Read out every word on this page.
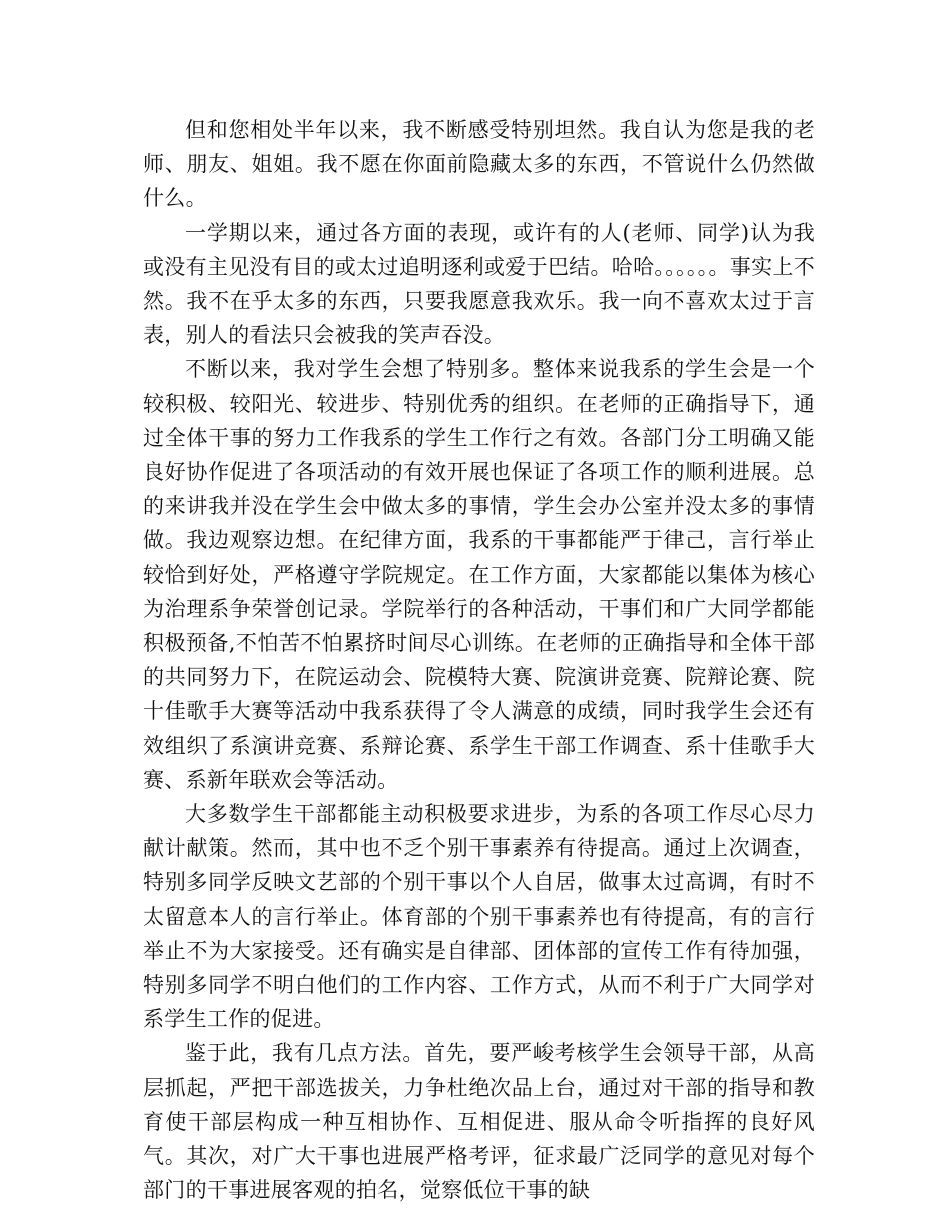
但和您相处半年以来，我不断感受特别坦然。我自认为您是我的老师、朋友、姐姐。我不愿在你面前隐藏太多的东西，不管说什么仍然做什么。

一学期以来，通过各方面的表现，或许有的人(老师、同学)认为我或没有主见没有目的或太过追明逐利或爱于巴结。哈哈。。。。。。事实上不然。我不在乎太多的东西，只要我愿意我欢乐。我一向不喜欢太过于言表，别人的看法只会被我的笑声吞没。

不断以来，我对学生会想了特别多。整体来说我系的学生会是一个较积极、较阳光、较进步、特别优秀的组织。在老师的正确指导下，通过全体干事的努力工作我系的学生工作行之有效。各部门分工明确又能良好协作促进了各项活动的有效开展也保证了各项工作的顺利进展。总的来讲我并没在学生会中做太多的事情，学生会办公室并没太多的事情做。我边观察边想。在纪律方面，我系的干事都能严于律己，言行举止较恰到好处，严格遵守学院规定。在工作方面，大家都能以集体为核心为治理系争荣誉创记录。学院举行的各种活动，干事们和广大同学都能积极预备,不怕苦不怕累挤时间尽心训练。在老师的正确指导和全体干部的共同努力下，在院运动会、院模特大赛、院演讲竞赛、院辩论赛、院十佳歌手大赛等活动中我系获得了令人满意的成绩，同时我学生会还有效组织了系演讲竞赛、系辩论赛、系学生干部工作调查、系十佳歌手大赛、系新年联欢会等活动。

大多数学生干部都能主动积极要求进步，为系的各项工作尽心尽力献计献策。然而，其中也不乏个别干事素养有待提高。通过上次调查，特别多同学反映文艺部的个别干事以个人自居，做事太过高调，有时不太留意本人的言行举止。体育部的个别干事素养也有待提高，有的言行举止不为大家接受。还有确实是自律部、团体部的宣传工作有待加强，特别多同学不明白他们的工作内容、工作方式，从而不利于广大同学对系学生工作的促进。

鉴于此，我有几点方法。首先，要严峻考核学生会领导干部，从高层抓起，严把干部选拔关，力争杜绝次品上台，通过对干部的指导和教育使干部层构成一种互相协作、互相促进、服从命令听指挥的良好风气。其次，对广大干事也进展严格考评，征求最广泛同学的意见对每个部门的干事进展客观的拍名，觉察低位干事的缺
